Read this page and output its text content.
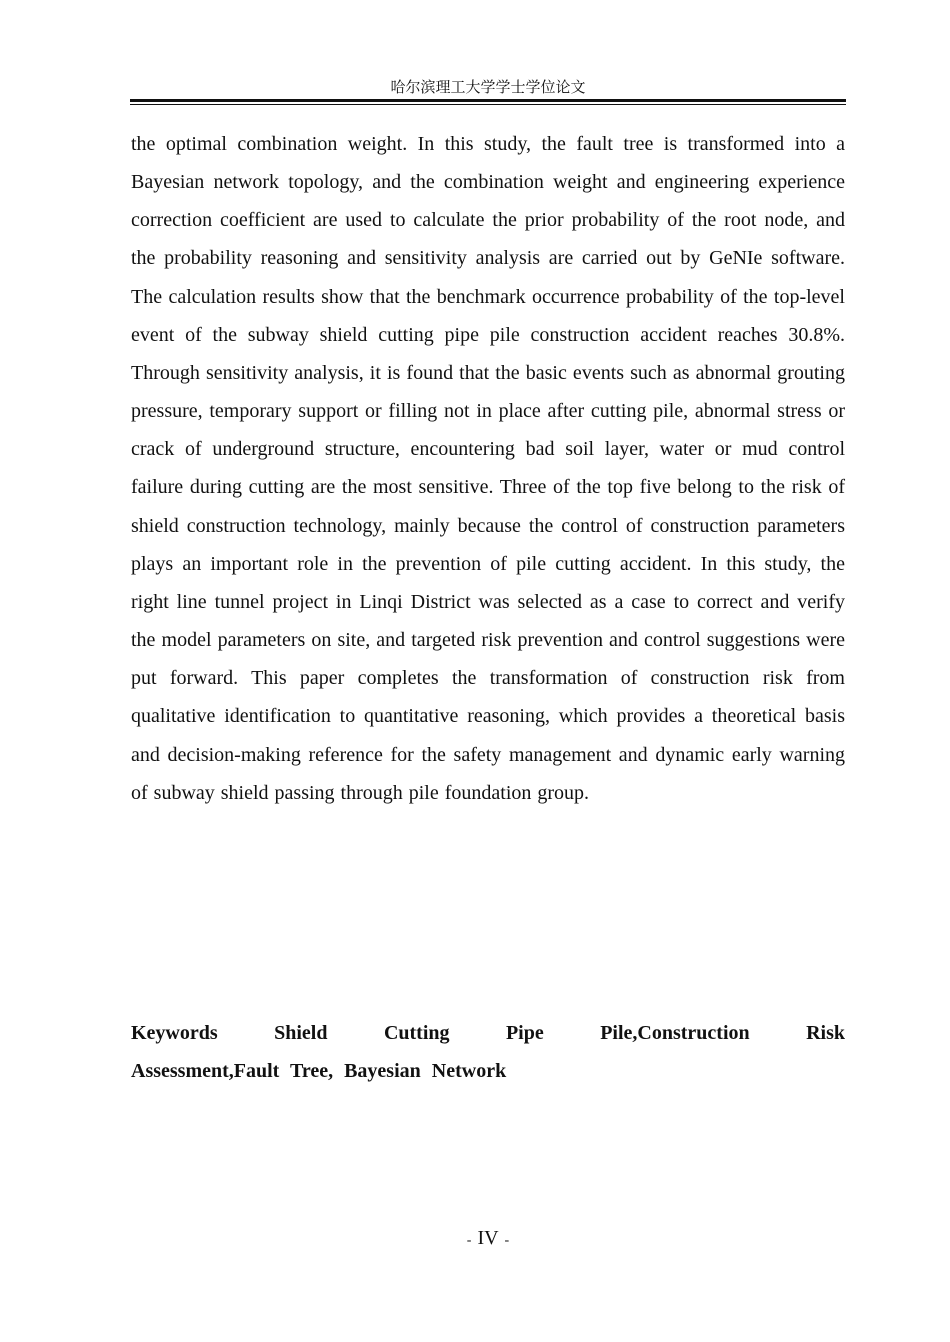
哈尔滨理工大学学士学位论文

the optimal combination weight. In this study, the fault tree is transformed into a Bayesian network topology, and the combination weight and engineering experience correction coefficient are used to calculate the prior probability of the root node, and the probability reasoning and sensitivity analysis are carried out by GeNIe software. The calculation results show that the benchmark occurrence probability of the top-level event of the subway shield cutting pipe pile construction accident reaches 30.8%. Through sensitivity analysis, it is found that the basic events such as abnormal grouting pressure, temporary support or filling not in place after cutting pile, abnormal stress or crack of underground structure, encountering bad soil layer, water or mud control failure during cutting are the most sensitive. Three of the top five belong to the risk of shield construction technology, mainly because the control of construction parameters plays an important role in the prevention of pile cutting accident. In this study, the right line tunnel project in Linqi District was selected as a case to correct and verify the model parameters on site, and targeted risk prevention and control suggestions were put forward. This paper completes the transformation of construction risk from qualitative identification to quantitative reasoning, which provides a theoretical basis and decision-making reference for the safety management and dynamic early warning of subway shield passing through pile foundation group.

Keywords	Shield	Cutting	Pipe	Pile,Construction	Risk
Assessment,Fault Tree, Bayesian Network
- IV -
